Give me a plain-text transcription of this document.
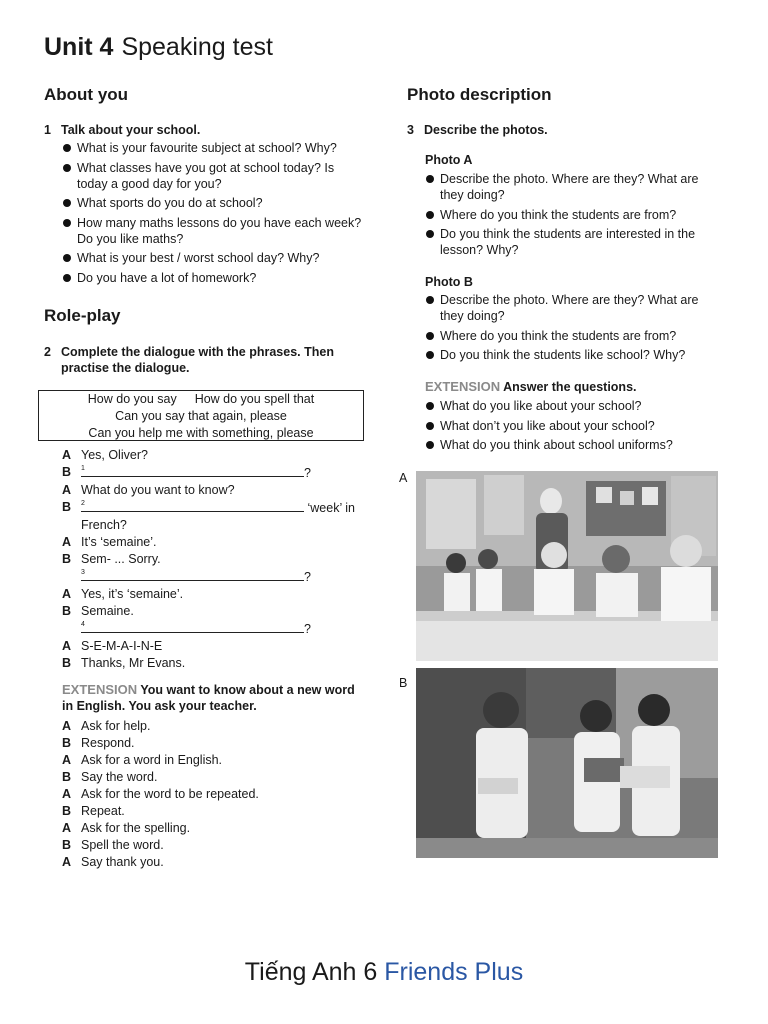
Unit 4 Speaking test
About you
1 Talk about your school.
What is your favourite subject at school? Why?
What classes have you got at school today? Is today a good day for you?
What sports do you do at school?
How many maths lessons do you have each week? Do you like maths?
What is your best / worst school day? Why?
Do you have a lot of homework?
Role-play
2 Complete the dialogue with the phrases. Then practise the dialogue.
How do you say How do you spell that
Can you say that again, please
Can you help me with something, please
A Yes, Oliver?
B 1	?
A What do you want to know?
B 2	‘week’ in
French?
A It’s ‘semaine’.
B Sem- ... Sorry.
3	?
A Yes, it’s ‘semaine’.
B Semaine.
4	?
A S-E-M-A-I-N-E
B Thanks, Mr Evans.
EXTENSION You want to know about a new word in English. You ask your teacher.
A Ask for help.
B Respond.
A Ask for a word in English.
B Say the word.
A Ask for the word to be repeated.
B Repeat.
A Ask for the spelling.
B Spell the word.
A Say thank you.
Photo description
3 Describe the photos.
Photo A
Describe the photo. Where are they? What are they doing?
Where do you think the students are from?
Do you think the students are interested in the lesson? Why?
Photo B
Describe the photo. Where are they? What are they doing?
Where do you think the students are from?
Do you think the students like school? Why?
EXTENSION Answer the questions.
What do you like about your school?
What don’t you like about your school?
What do you think about school uniforms?
A
B
Tiếng Anh 6 Friends Plus
